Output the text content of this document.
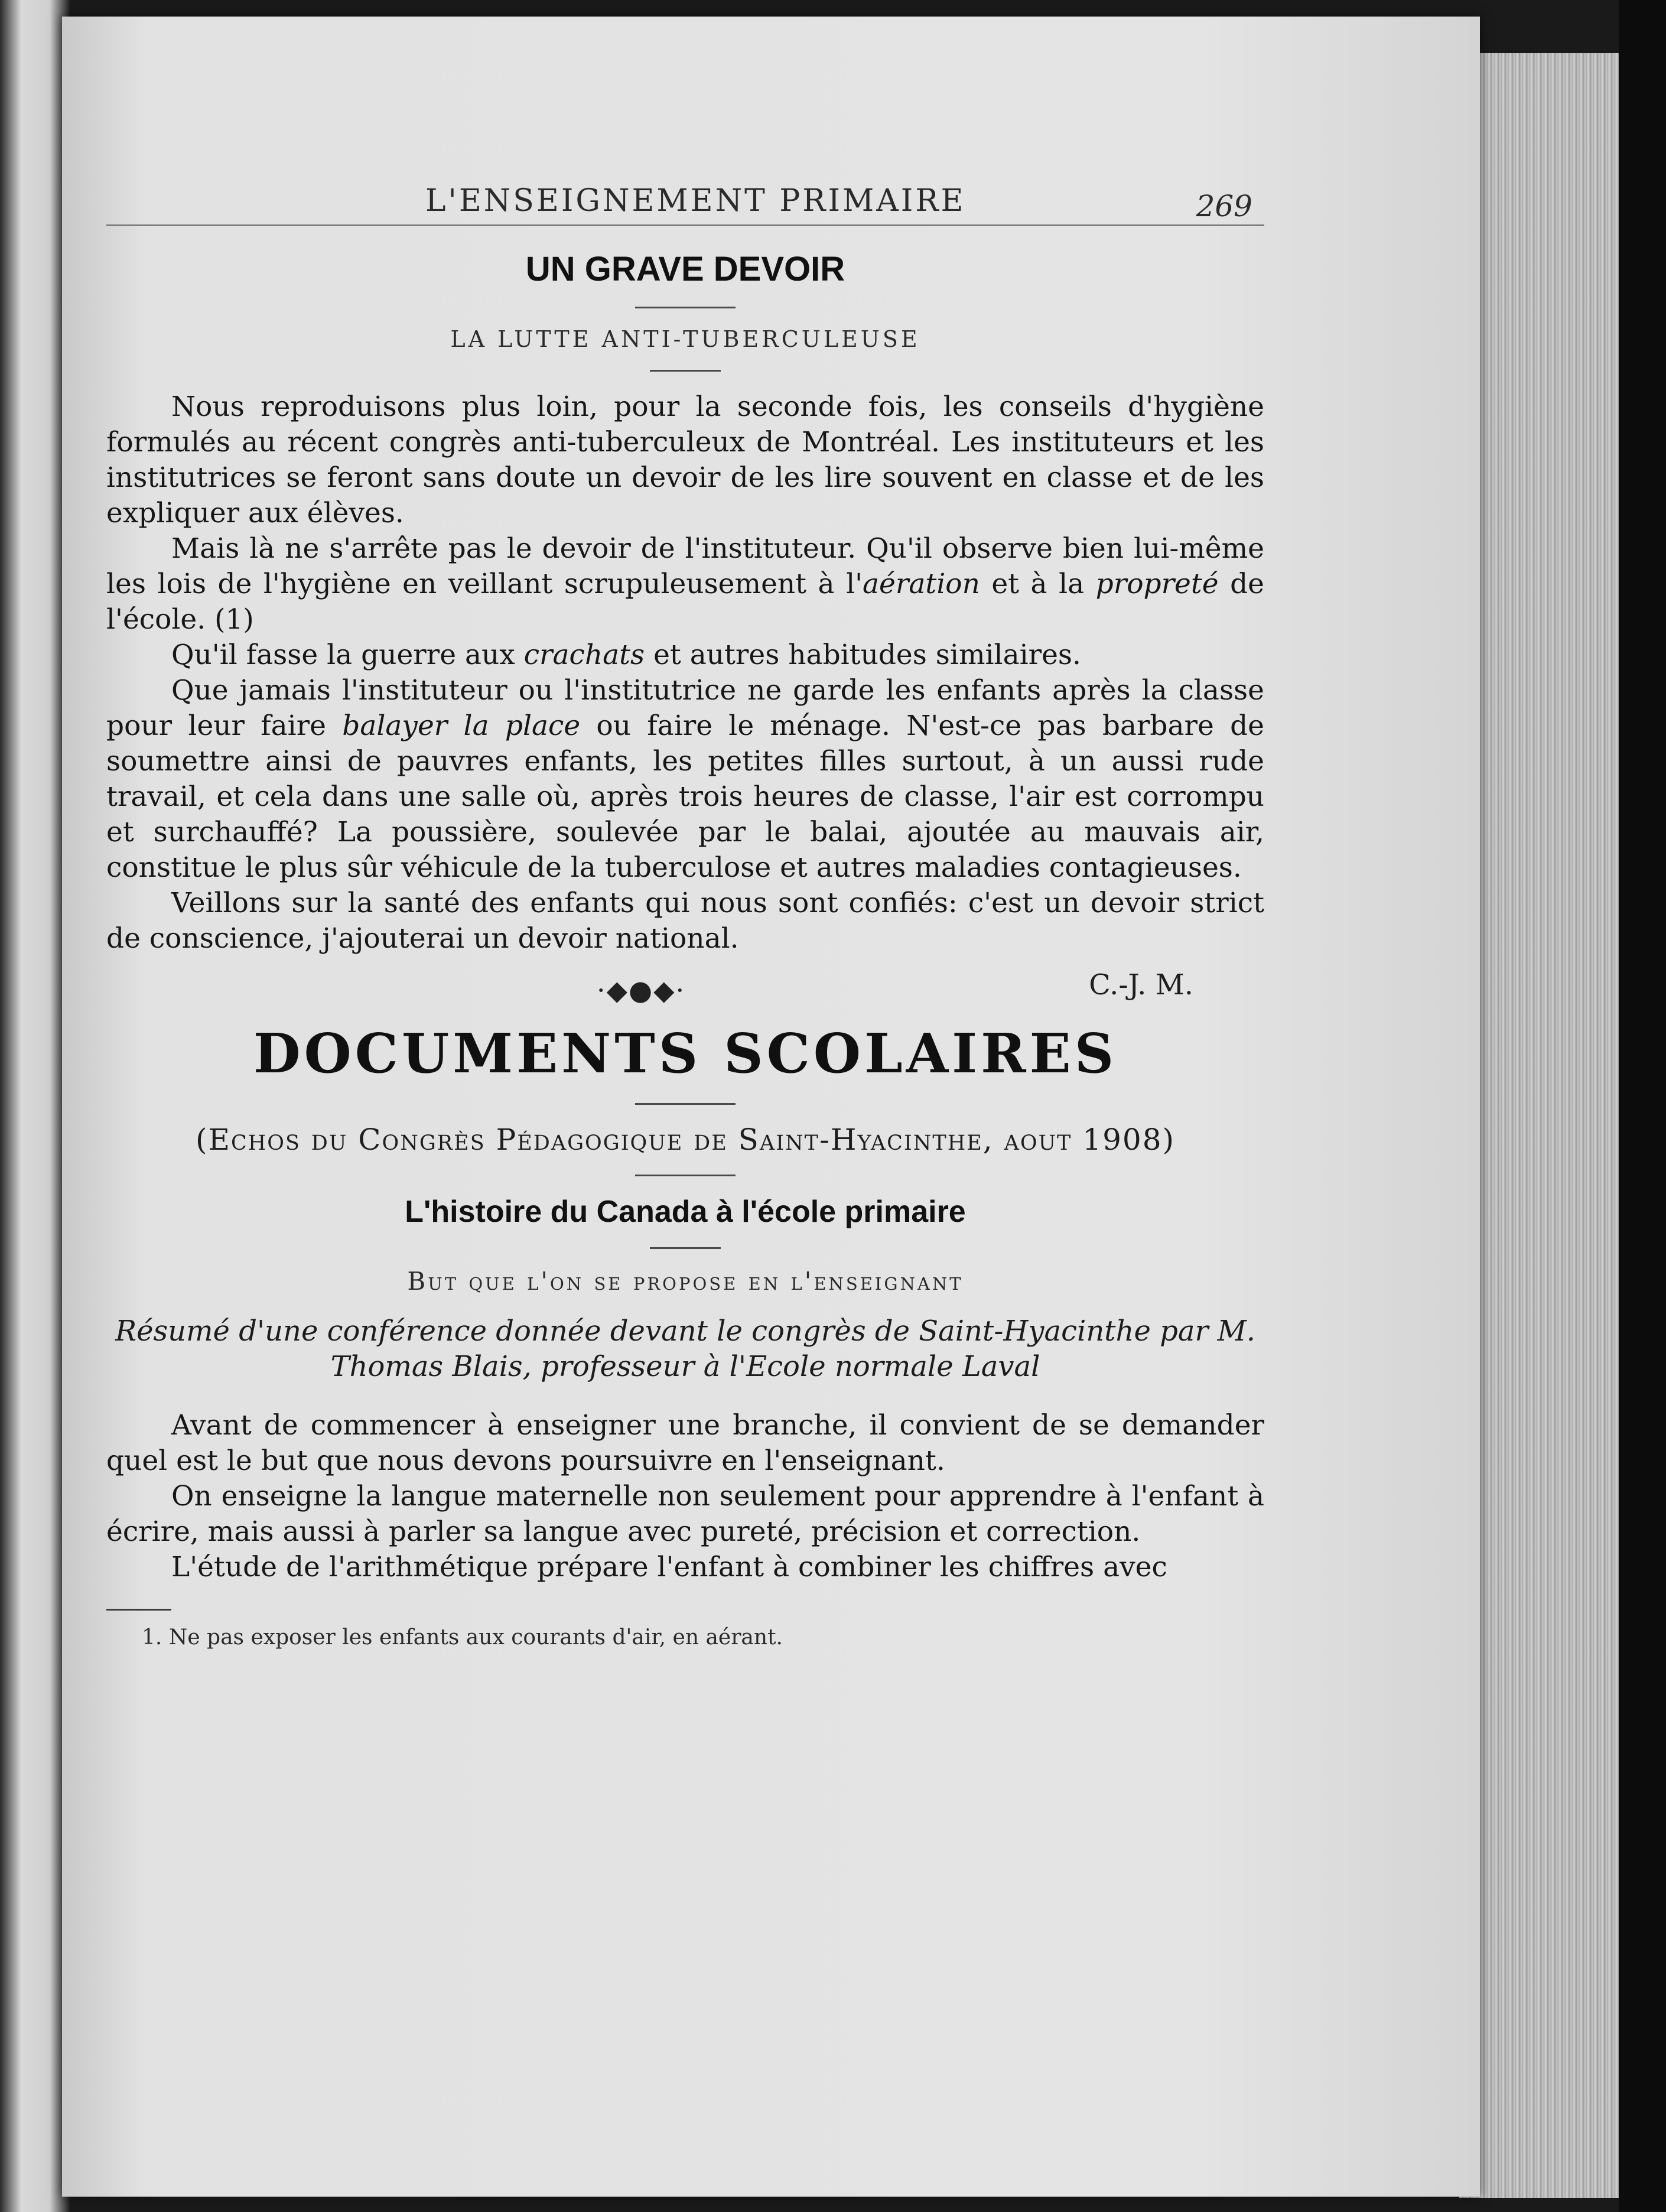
L'ENSEIGNEMENT PRIMAIRE	269
UN GRAVE DEVOIR

LA LUTTE ANTI-TUBERCULEUSE

Nous reproduisons plus loin, pour la seconde fois, les conseils d'hygiène formulés au récent congrès anti-tuberculeux de Montréal. Les instituteurs et les institutrices se feront sans doute un devoir de les lire souvent en classe et de les expliquer aux élèves.

Mais là ne s'arrête pas le devoir de l'instituteur. Qu'il observe bien lui-même les lois de l'hygiène en veillant scrupuleusement à l'aération et à la propreté de l'école. (1)

Qu'il fasse la guerre aux crachats et autres habitudes similaires.

Que jamais l'instituteur ou l'institutrice ne garde les enfants après la classe pour leur faire balayer la place ou faire le ménage. N'est-ce pas barbare de soumettre ainsi de pauvres enfants, les petites filles surtout, à un aussi rude travail, et cela dans une salle où, après trois heures de classe, l'air est corrompu et surchauffé? La poussière, soulevée par le balai, ajoutée au mauvais air, constitue le plus sûr véhicule de la tuberculose et autres maladies contagieuses.

Veillons sur la santé des enfants qui nous sont confiés: c'est un devoir strict de conscience, j'ajouterai un devoir national.

·◆●◆·	C.-J. M.
DOCUMENTS SCOLAIRES

(Echos du Congrès Pédagogique de Saint-Hyacinthe, aout 1908)

L'histoire du Canada à l'école primaire

But que l'on se propose en l'enseignant

Résumé d'une conférence donnée devant le congrès de Saint-Hyacinthe par M. Thomas Blais, professeur à l'Ecole normale Laval

Avant de commencer à enseigner une branche, il convient de se demander quel est le but que nous devons poursuivre en l'enseignant.

On enseigne la langue maternelle non seulement pour apprendre à l'enfant à écrire, mais aussi à parler sa langue avec pureté, précision et correction.

L'étude de l'arithmétique prépare l'enfant à combiner les chiffres avec

1. Ne pas exposer les enfants aux courants d'air, en aérant.
